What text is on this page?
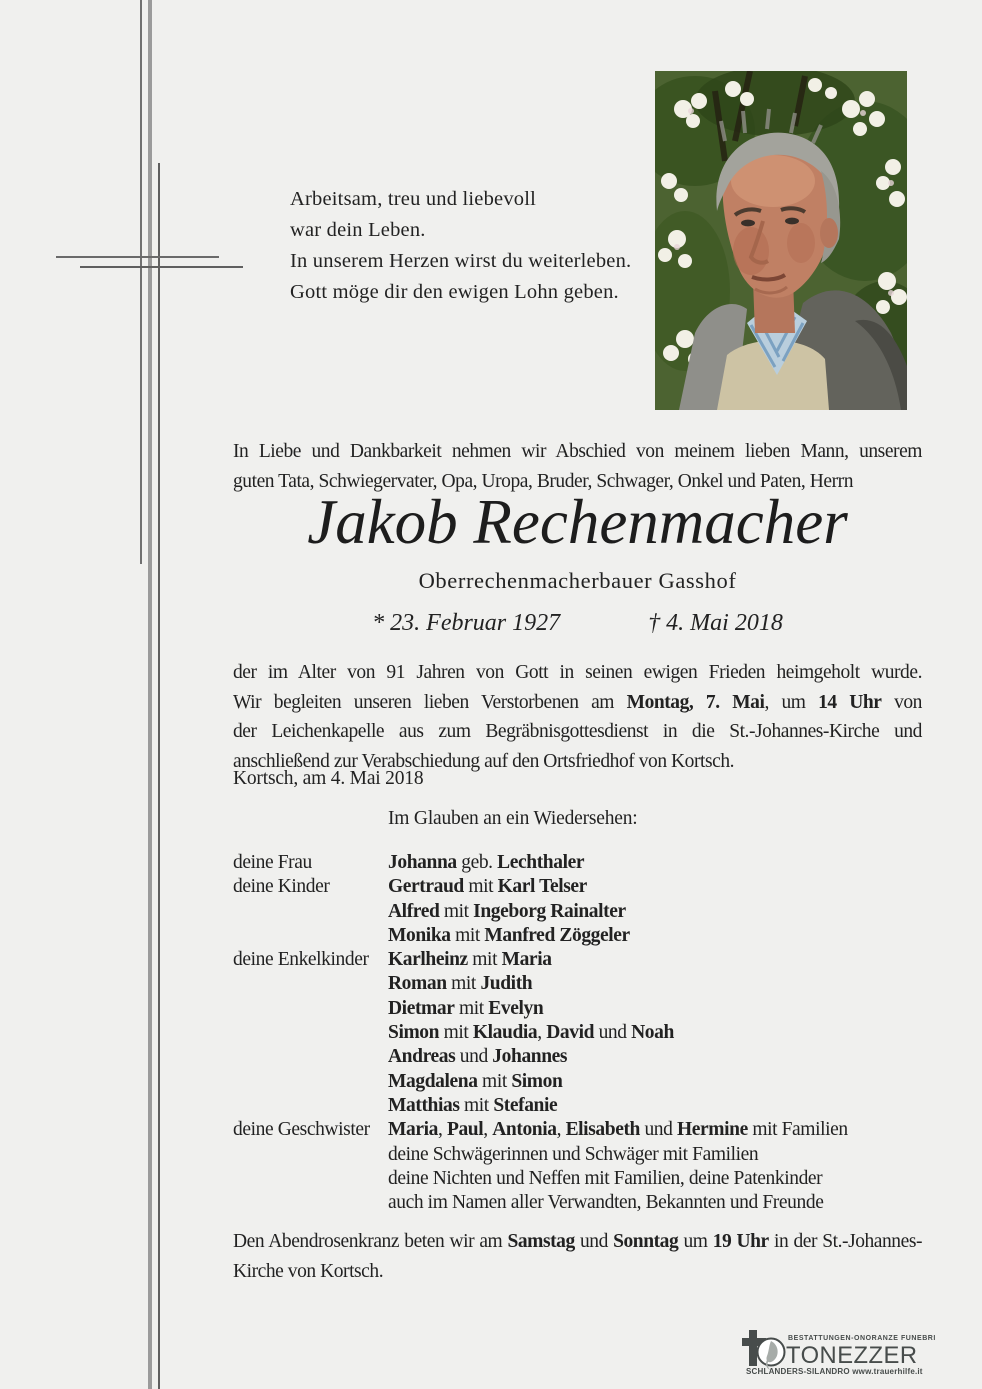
Arbeitsam, treu und liebevoll
war dein Leben.
In unserem Herzen wirst du weiterleben.
Gott möge dir den ewigen Lohn geben.
In Liebe und Dankbarkeit nehmen wir Abschied von meinem lieben Mann, unserem
guten Tata, Schwiegervater, Opa, Uropa, Bruder, Schwager, Onkel und Paten, Herrn
Jakob Rechenmacher
Oberrechenmacherbauer Gasshof
* 23. Februar 1927	† 4. Mai 2018
der im Alter von 91 Jahren von Gott in seinen ewigen Frieden heimgeholt wurde.
Wir begleiten unseren lieben Verstorbenen am Montag, 7. Mai, um 14 Uhr von
der Leichenkapelle aus zum Begräbnisgottesdienst in die St.-Johannes-Kirche und
anschließend zur Verabschiedung auf den Ortsfriedhof von Kortsch.
Kortsch, am 4. Mai 2018
Im Glauben an ein Wiedersehen:
deine Frau	Johanna geb. Lechthaler
deine Kinder	Gertraud mit Karl Telser
Alfred mit Ingeborg Rainalter
Monika mit Manfred Zöggeler
deine Enkelkinder Karlheinz mit Maria
Roman mit Judith
Dietmar mit Evelyn
Simon mit Klaudia, David und Noah
Andreas und Johannes
Magdalena mit Simon
Matthias mit Stefanie
deine Geschwister Maria, Paul, Antonia, Elisabeth und Hermine mit Familien
deine Schwägerinnen und Schwäger mit Familien
deine Nichten und Neffen mit Familien, deine Patenkinder
auch im Namen aller Verwandten, Bekannten und Freunde
Den Abendrosenkranz beten wir am Samstag und Sonntag um 19 Uhr in der St.-Johannes-
Kirche von Kortsch.
BESTATTUNGEN-ONORANZE FUNEBRI
TONEZZER
SCHLANDERS-SILANDRO www.trauerhilfe.it
